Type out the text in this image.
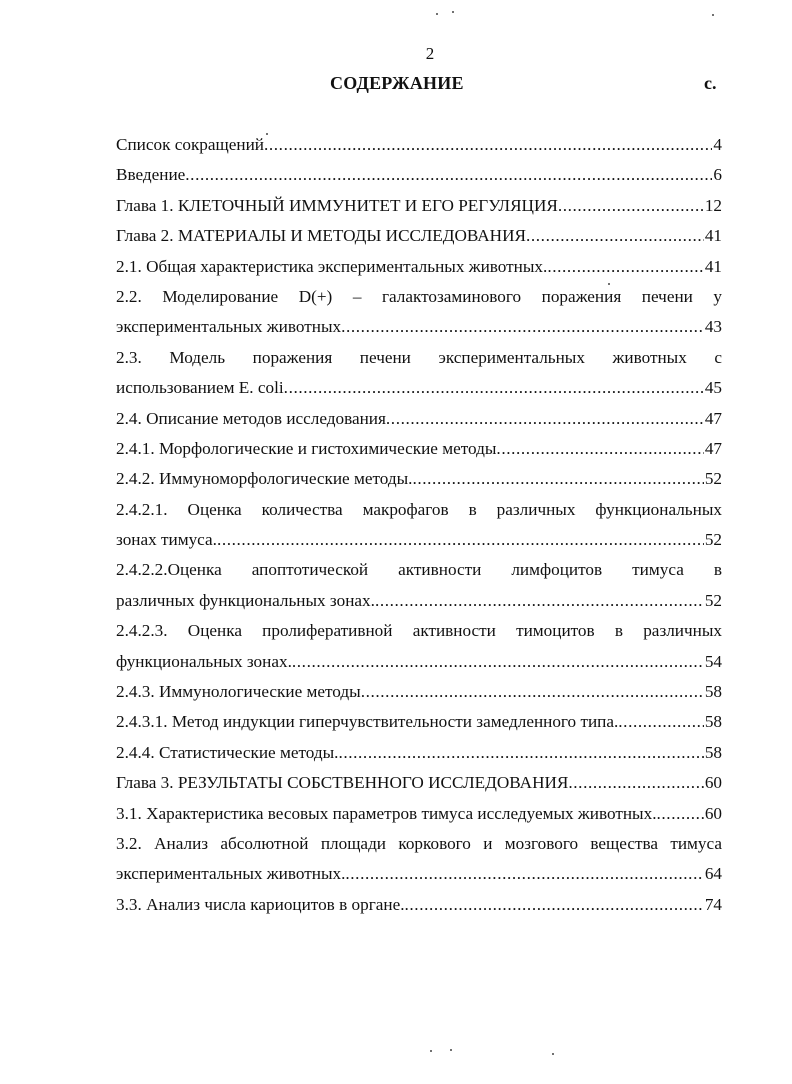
2
СОДЕРЖАНИЕ	с.
Список сокращений .....	4
Введение .....	6
Глава 1. КЛЕТОЧНЫЙ ИММУНИТЕТ И ЕГО РЕГУЛЯЦИЯ .....	12
Глава 2. МАТЕРИАЛЫ И МЕТОДЫ ИССЛЕДОВАНИЯ .....	41
2.1. Общая характеристика экспериментальных животных. .....	41
2.2. Моделирование D(+) – галактозаминового поражения печени у
экспериментальных животных .....	43
2.3. Модель поражения печени экспериментальных животных с
использованием E. coli .....	45
2.4. Описание методов исследования .....	47
2.4.1. Морфологические и гистохимические методы .....	47
2.4.2. Иммуноморфологические методы. .....	52
2.4.2.1. Оценка количества макрофагов в различных функциональных
зонах тимуса. .....	52
2.4.2.2.Оценка апоптотической активности лимфоцитов тимуса в
различных функциональных зонах. .....	52
2.4.2.3. Оценка пролиферативной активности тимоцитов в различных
функциональных зонах. .....	54
2.4.3. Иммунологические методы .....	58
2.4.3.1. Метод индукции гиперчувствительности замедленного типа. .....	58
2.4.4. Статистические методы. .....	58
Глава 3. РЕЗУЛЬТАТЫ СОБСТВЕННОГО ИССЛЕДОВАНИЯ .....	60
3.1. Характеристика весовых параметров тимуса исследуемых животных. .....	60
3.2. Анализ абсолютной площади коркового и мозгового вещества тимуса
экспериментальных животных. .....	64
3.3. Анализ числа кариоцитов в органе. .....	74
